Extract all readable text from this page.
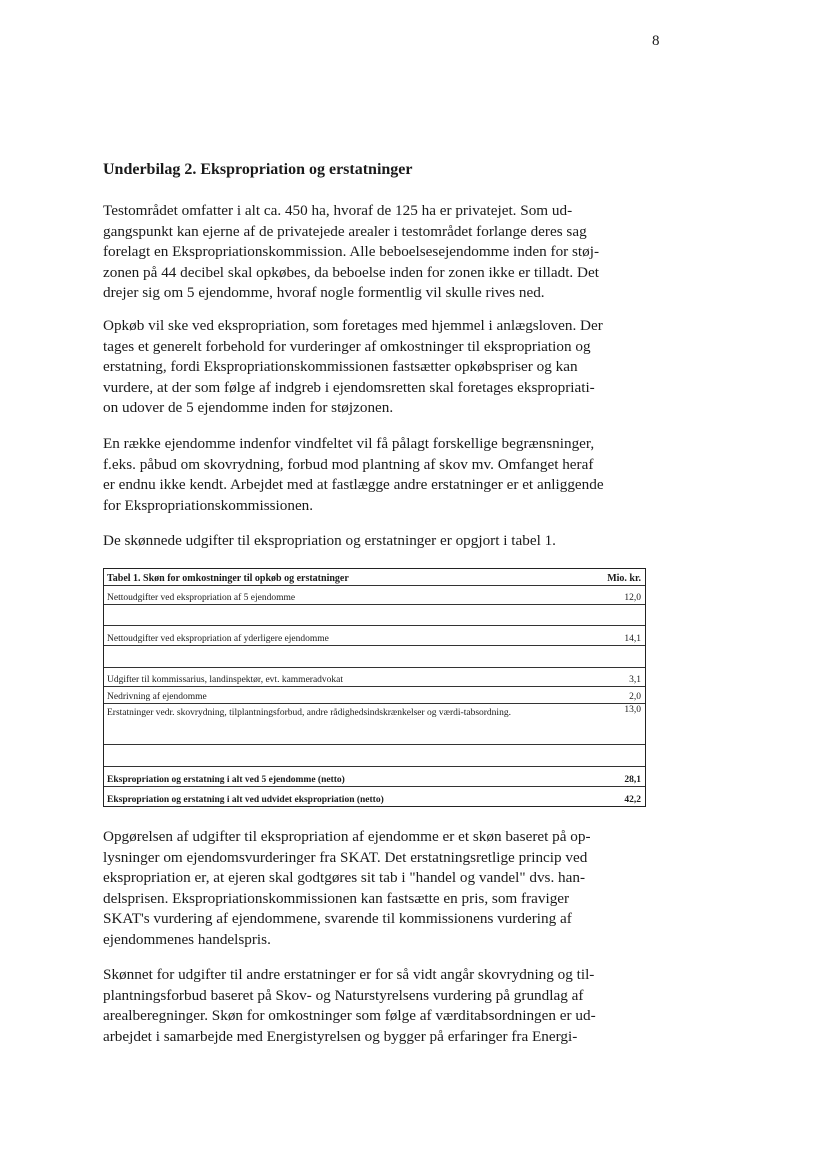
8
Underbilag 2. Ekspropriation og erstatninger
Testområdet omfatter i alt ca. 450 ha, hvoraf de 125 ha er privatejet. Som ud-
gangspunkt kan ejerne af de privatejede arealer i testområdet forlange deres sag
forelagt en Ekspropriationskommission. Alle beboelsesejendomme inden for støj-
zonen på 44 decibel skal opkøbes, da beboelse inden for zonen ikke er tilladt. Det
drejer sig om 5 ejendomme, hvoraf nogle formentlig vil skulle rives ned.
Opkøb vil ske ved ekspropriation, som foretages med hjemmel i anlægsloven. Der
tages et generelt forbehold for vurderinger af omkostninger til ekspropriation og
erstatning, fordi Ekspropriationskommissionen fastsætter opkøbspriser og kan
vurdere, at der som følge af indgreb i ejendomsretten skal foretages ekspropriati-
on udover de 5 ejendomme inden for støjzonen.
En række ejendomme indenfor vindfeltet vil få pålagt forskellige begrænsninger,
f.eks. påbud om skovrydning, forbud mod plantning af skov mv. Omfanget heraf
er endnu ikke kendt. Arbejdet med at fastlægge andre erstatninger er et anliggende
for Ekspropriationskommissionen.
De skønnede udgifter til ekspropriation og erstatninger er opgjort i tabel 1.
Tabel 1. Skøn for omkostninger til opkøb og erstatninger	Mio. kr.
Nettoudgifter ved ekspropriation af 5 ejendomme	12,0
Nettoudgifter ved ekspropriation af yderligere ejendomme	14,1
Udgifter til kommissarius, landinspektør, evt. kammeradvokat	3,1
Nedrivning af ejendomme	2,0
Erstatninger vedr. skovrydning, tilplantningsforbud, andre rådighedsindskrænkelser og værdi-tabsordning.	13,0
Ekspropriation og erstatning i alt ved 5 ejendomme (netto)	28,1
Ekspropriation og erstatning i alt ved udvidet ekspropriation (netto)	42,2
Opgørelsen af udgifter til ekspropriation af ejendomme er et skøn baseret på op-
lysninger om ejendomsvurderinger fra SKAT. Det erstatningsretlige princip ved
ekspropriation er, at ejeren skal godtgøres sit tab i "handel og vandel" dvs. han-
delsprisen. Ekspropriationskommissionen kan fastsætte en pris, som fraviger
SKAT's vurdering af ejendommene, svarende til kommissionens vurdering af
ejendommenes handelspris.
Skønnet for udgifter til andre erstatninger er for så vidt angår skovrydning og til-
plantningsforbud baseret på Skov- og Naturstyrelsens vurdering på grundlag af
arealberegninger. Skøn for omkostninger som følge af værditabsordningen er ud-
arbejdet i samarbejde med Energistyrelsen og bygger på erfaringer fra Energi-
